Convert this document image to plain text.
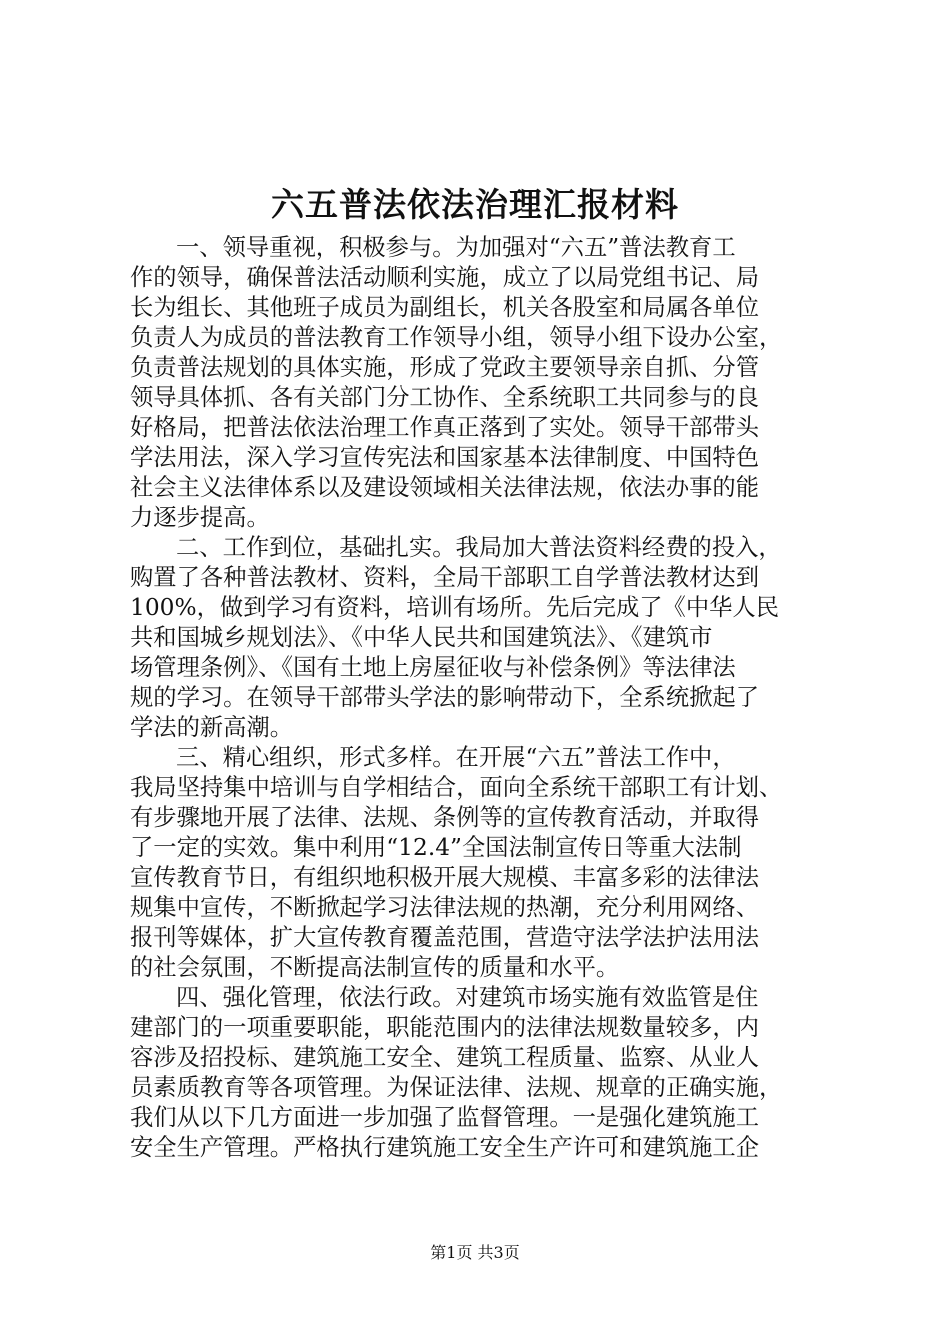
六五普法依法治理汇报材料
一、领导重视，积极参与。为加强对“六五”普法教育工
作的领导，确保普法活动顺利实施，成立了以局党组书记、局
长为组长、其他班子成员为副组长，机关各股室和局属各单位
负责人为成员的普法教育工作领导小组，领导小组下设办公室，
负责普法规划的具体实施，形成了党政主要领导亲自抓、分管
领导具体抓、各有关部门分工协作、全系统职工共同参与的良
好格局，把普法依法治理工作真正落到了实处。领导干部带头
学法用法，深入学习宣传宪法和国家基本法律制度、中国特色
社会主义法律体系以及建设领域相关法律法规，依法办事的能
力逐步提高。
二、工作到位，基础扎实。我局加大普法资料经费的投入，
购置了各种普法教材、资料，全局干部职工自学普法教材达到
100%，做到学习有资料，培训有场所。先后完成了《中华人民
共和国城乡规划法》、《中华人民共和国建筑法》、《建筑市
场管理条例》、《国有土地上房屋征收与补偿条例》等法律法
规的学习。在领导干部带头学法的影响带动下，全系统掀起了
学法的新高潮。
三、精心组织，形式多样。在开展“六五”普法工作中，
我局坚持集中培训与自学相结合，面向全系统干部职工有计划、
有步骤地开展了法律、法规、条例等的宣传教育活动，并取得
了一定的实效。集中利用“12.4”全国法制宣传日等重大法制
宣传教育节日，有组织地积极开展大规模、丰富多彩的法律法
规集中宣传，不断掀起学习法律法规的热潮，充分利用网络、
报刊等媒体，扩大宣传教育覆盖范围，营造守法学法护法用法
的社会氛围，不断提高法制宣传的质量和水平。
四、强化管理，依法行政。对建筑市场实施有效监管是住
建部门的一项重要职能，职能范围内的法律法规数量较多，内
容涉及招投标、建筑施工安全、建筑工程质量、监察、从业人
员素质教育等各项管理。为保证法律、法规、规章的正确实施，
我们从以下几方面进一步加强了监督管理。一是强化建筑施工
安全生产管理。严格执行建筑施工安全生产许可和建筑施工企
第1页 共3页
